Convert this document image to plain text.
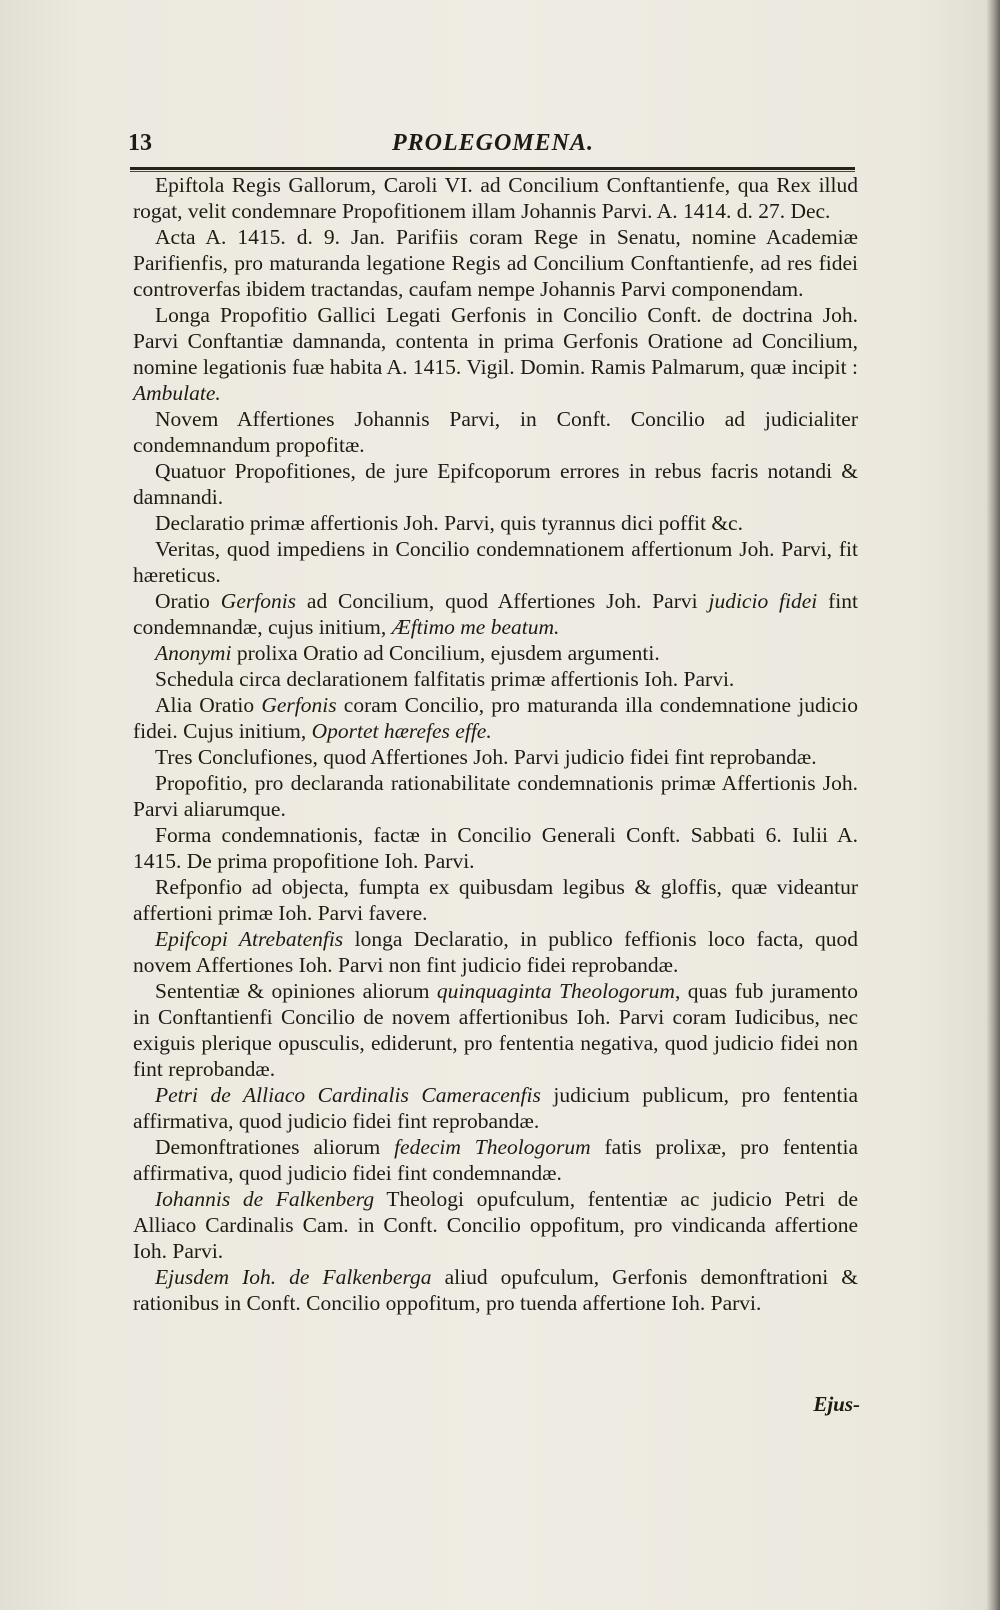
13	PROLEGOMENA.

Epiftola Regis Gallorum, Caroli VI. ad Concilium Conftantienfe, qua Rex illud rogat, velit condemnare Propofitionem illam Johannis Parvi. A. 1414. d. 27. Dec.

Acta A. 1415. d. 9. Jan. Parifiis coram Rege in Senatu, nomine Academiæ Parifienfis, pro maturanda legatione Regis ad Concilium Conftantienfe, ad res fidei controverfas ibidem tractandas, caufam nempe Johannis Parvi componendam.

Longa Propofitio Gallici Legati Gerfonis in Concilio Conft. de doctrina Joh. Parvi Conftantiæ damnanda, contenta in prima Gerfonis Oratione ad Concilium, nomine legationis fuæ habita A. 1415. Vigil. Domin. Ramis Palmarum, quæ incipit : Ambulate.

Novem Affertiones Johannis Parvi, in Conft. Concilio ad judicialiter condemnandum propofitæ.

Quatuor Propofitiones, de jure Epifcoporum errores in rebus facris notandi & damnandi.

Declaratio primæ affertionis Joh. Parvi, quis tyrannus dici poffit &c.

Veritas, quod impediens in Concilio condemnationem affertionum Joh. Parvi, fit hæreticus.

Oratio Gerfonis ad Concilium, quod Affertiones Joh. Parvi judicio fidei fint condemnandæ, cujus initium, Æftimo me beatum.

Anonymi prolixa Oratio ad Concilium, ejusdem argumenti.

Schedula circa declarationem falfitatis primæ affertionis Ioh. Parvi.

Alia Oratio Gerfonis coram Concilio, pro maturanda illa condemnatione judicio fidei. Cujus initium, Oportet hærefes effe.

Tres Conclufiones, quod Affertiones Joh. Parvi judicio fidei fint reprobandæ.

Propofitio, pro declaranda rationabilitate condemnationis primæ Affertionis Joh. Parvi aliarumque.

Forma condemnationis, factæ in Concilio Generali Conft. Sabbati 6. Iulii A. 1415. De prima propofitione Ioh. Parvi.

Refponfio ad objecta, fumpta ex quibusdam legibus & gloffis, quæ videantur affertioni primæ Ioh. Parvi favere.

Epifcopi Atrebatenfis longa Declaratio, in publico feffionis loco facta, quod novem Affertiones Ioh. Parvi non fint judicio fidei reprobandæ.

Sententiæ & opiniones aliorum quinquaginta Theologorum, quas fub juramento in Conftantienfi Concilio de novem affertionibus Ioh. Parvi coram Iudicibus, nec exiguis plerique opusculis, ediderunt, pro fententia negativa, quod judicio fidei non fint reprobandæ.

Petri de Alliaco Cardinalis Cameracenfis judicium publicum, pro fententia affirmativa, quod judicio fidei fint reprobandæ.

Demonftrationes aliorum fedecim Theologorum fatis prolixæ, pro fententia affirmativa, quod judicio fidei fint condemnandæ.

Iohannis de Falkenberg Theologi opufculum, fententiæ ac judicio Petri de Alliaco Cardinalis Cam. in Conft. Concilio oppofitum, pro vindicanda affertione Ioh. Parvi.

Ejusdem Ioh. de Falkenberga aliud opufculum, Gerfonis demonftrationi & rationibus in Conft. Concilio oppofitum, pro tuenda affertione Ioh. Parvi.

Ejus-
